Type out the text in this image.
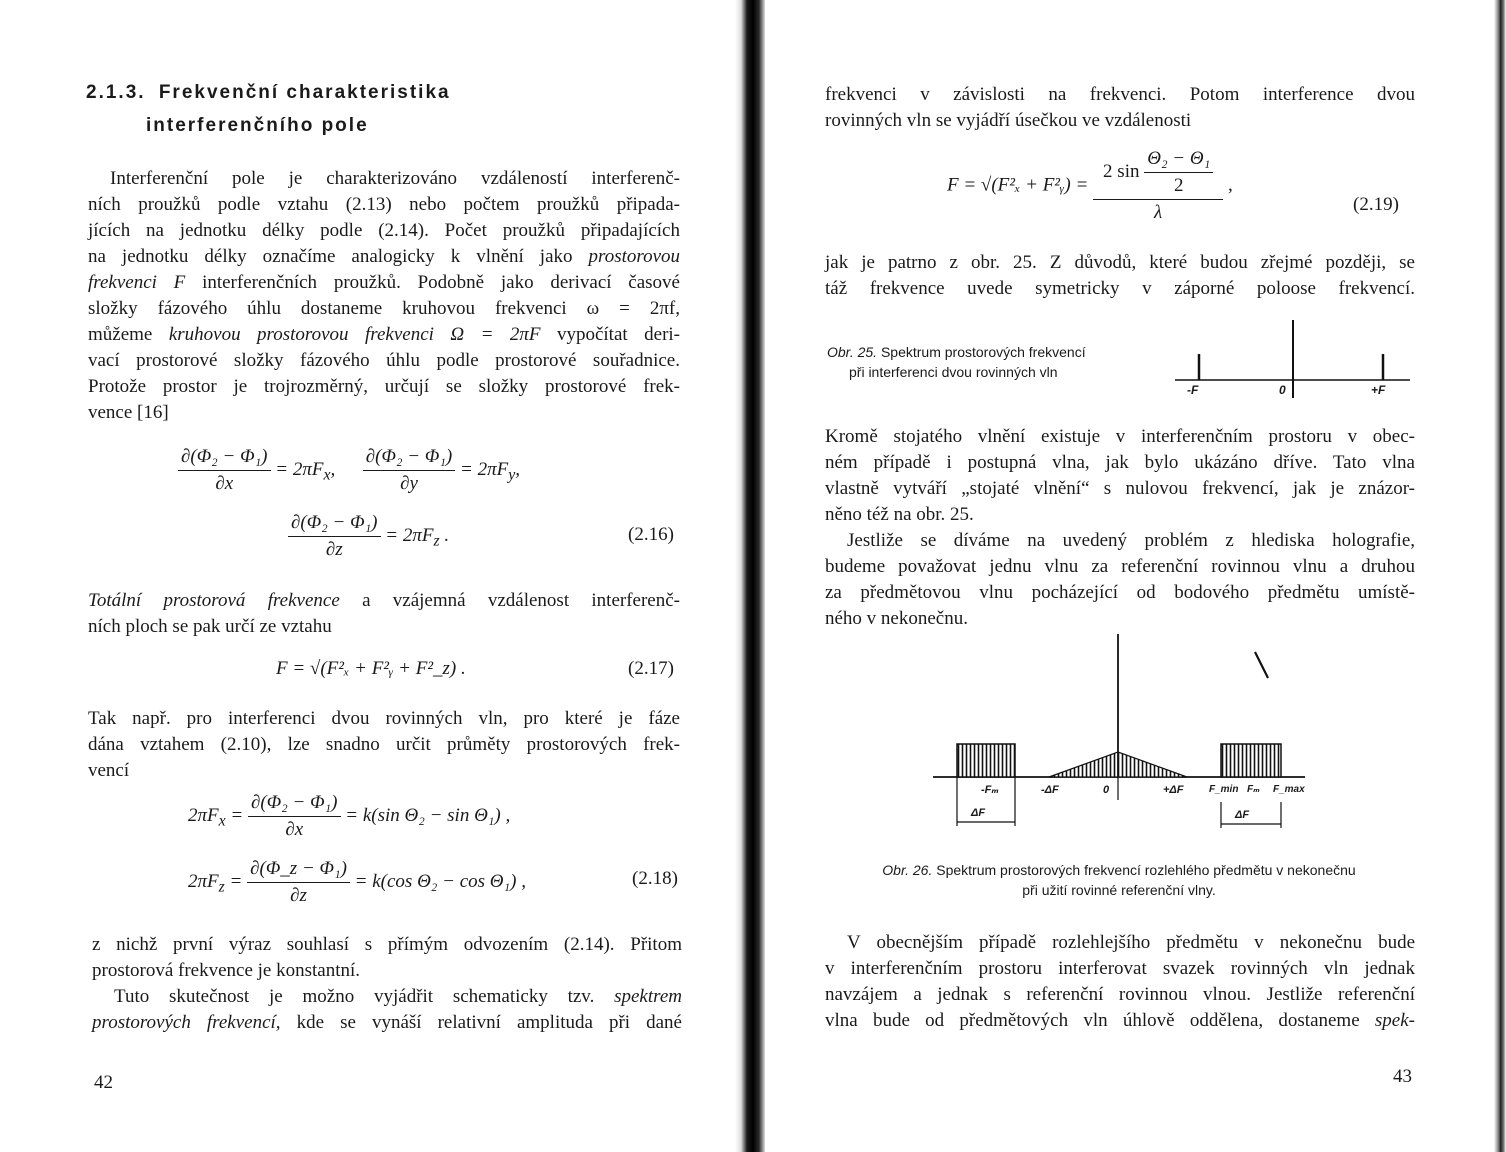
2.1.3. Frekvenční charakteristika
interferenčního pole
Interferenční pole je charakterizováno vzdáleností interferenč-
ních proužků podle vztahu (2.13) nebo počtem proužků připada-
jících na jednotku délky podle (2.14). Počet proužků připadajících
na jednotku délky označíme analogicky k vlnění jako prostorovou
frekvenci F interferenčních proužků. Podobně jako derivací časové
složky fázového úhlu dostaneme kruhovou frekvenci ω = 2πf,
můžeme kruhovou prostorovou frekvenci Ω = 2πF vypočítat deri-
vací prostorové složky fázového úhlu podle prostorové souřadnice.
Protože prostor je trojrozměrný, určují se složky prostorové frek-
vence [16]
$\frac{\text{∂(Φ₂ − Φ₁)}}{\partial x} = 2\pi F_x$, $\frac{\text{∂(Φ₂ − Φ₁)}}{\partial y} = 2\pi F_y$,
$\frac{\text{∂(Φ₂ − Φ₁)}}{\partial z} = 2\pi F_z$ .	(2.16)
Totální prostorová frekvence a vzájemná vzdálenost interferenč-
ních ploch se pak určí ze vztahu
F = √(F²ₓ + F²ᵧ + F²_z) .	(2.17)
Tak např. pro interferenci dvou rovinných vln, pro které je fáze
dána vztahem (2.10), lze snadno určit průměty prostorových frek-
vencí
$2\pi F_x = \frac{\text{∂(Φ₂ − Φ₁)}}{\partial x} = k(\sin$ Θ₂ − sin Θ₁) ,
$2\pi F_z = \frac{\text{∂(Φ\_z − Φ₁)}}{\partial z} = k(\cos$ Θ₂ − cos Θ₁) ,	(2.18)
z nichž první výraz souhlasí s přímým odvozením (2.14). Přitom
prostorová frekvence je konstantní.
Tuto skutečnost je možno vyjádřit schematicky tzv. spektrem
prostorových frekvencí, kde se vynáší relativní amplituda při dané
42
frekvenci v závislosti na frekvenci. Potom interference dvou
rovinných vln se vyjádří úsečkou ve vzdálenosti
F = √(F²ₓ + F²ᵧ) = $\frac{2 \sin \frac{\text{Θ₂ − Θ₁}}{2}}{\lambda}$ ,
(2.19)
jak je patrno z obr. 25. Z důvodů, které budou zřejmé později, se
táž frekvence uvede symetricky v záporné poloose frekvencí.
Obr. 25. Spektrum prostorových frekvencí
při interferenci dvou rovinných vln
-F	0	+F
Kromě stojatého vlnění existuje v interferenčním prostoru v obec-
ném případě i postupná vlna, jak bylo ukázáno dříve. Tato vlna
vlastně vytváří „stojaté vlnění“ s nulovou frekvencí, jak je znázor-
něno též na obr. 25.
Jestliže se díváme na uvedený problém z hlediska holografie,
budeme považovat jednu vlnu za referenční rovinnou vlnu a druhou
za předmětovou vlnu pocházející od bodového předmětu umístě-
ného v nekonečnu.
-Fₘ
ΔF
-ΔF	0	+ΔF	F_min Fₘ F_max
ΔF
Obr. 26. Spektrum prostorových frekvencí rozlehlého předmětu v nekonečnu
při užití rovinné referenční vlny.
V obecnějším případě rozlehlejšího předmětu v nekonečnu bude
v interferenčním prostoru interferovat svazek rovinných vln jednak
navzájem a jednak s referenční rovinnou vlnou. Jestliže referenční
vlna bude od předmětových vln úhlově oddělena, dostaneme spek-
43
